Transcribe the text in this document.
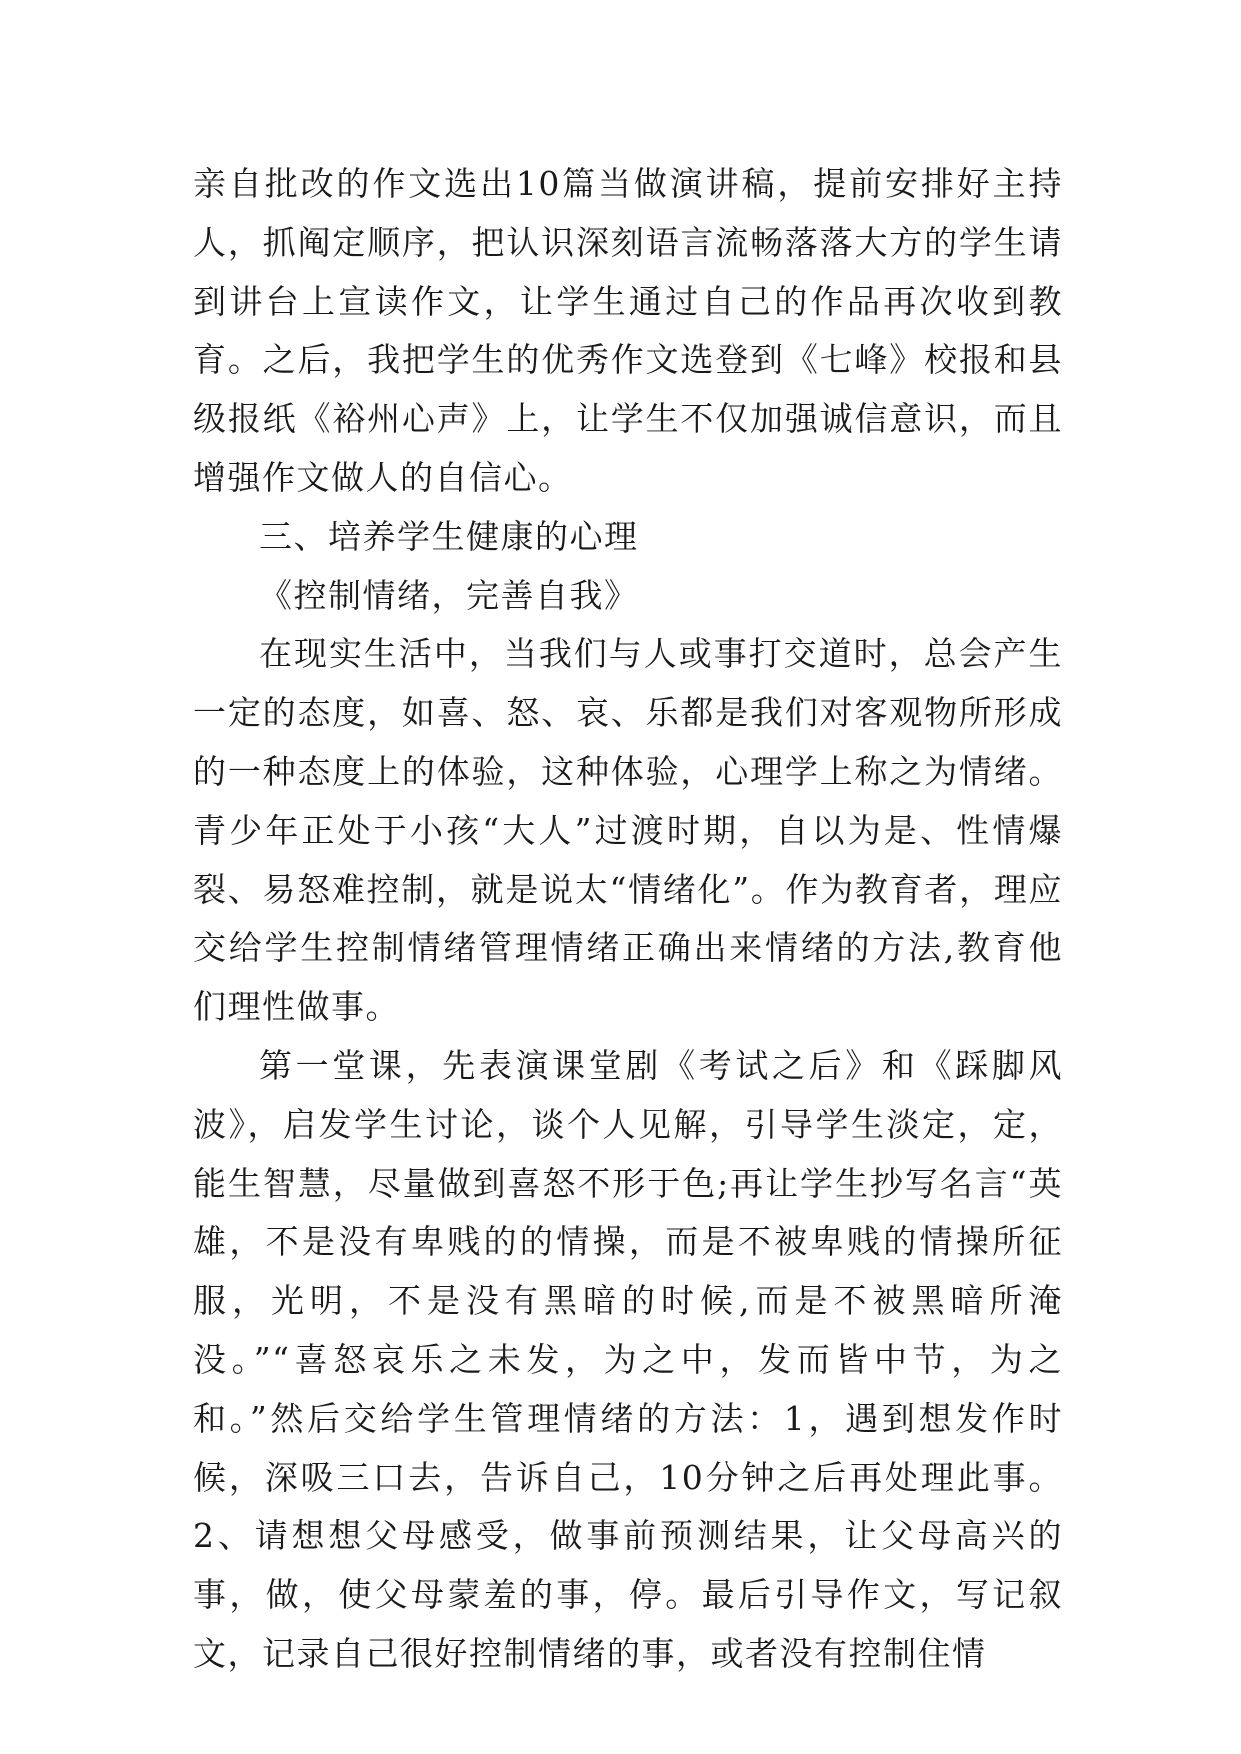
亲自批改的作文选出10篇当做演讲稿，提前安排好主持人，抓阄定顺序，把认识深刻语言流畅落落大方的学生请到讲台上宣读作文，让学生通过自己的作品再次收到教育。之后，我把学生的优秀作文选登到《七峰》校报和县级报纸《裕州心声》上，让学生不仅加强诚信意识，而且增强作文做人的自信心。

三、培养学生健康的心理

《控制情绪，完善自我》

在现实生活中，当我们与人或事打交道时，总会产生一定的态度，如喜、怒、哀、乐都是我们对客观物所形成的一种态度上的体验，这种体验，心理学上称之为情绪。青少年正处于小孩“大人”过渡时期，自以为是、性情爆裂、易怒难控制，就是说太“情绪化”。作为教育者，理应交给学生控制情绪管理情绪正确出来情绪的方法,教育他们理性做事。

第一堂课，先表演课堂剧《考试之后》和《踩脚风波》，启发学生讨论，谈个人见解，引导学生淡定，定，能生智慧，尽量做到喜怒不形于色;再让学生抄写名言“英雄，不是没有卑贱的的情操，而是不被卑贱的情操所征服，光明，不是没有黑暗的时候,而是不被黑暗所淹没。”“喜怒哀乐之未发，为之中，发而皆中节，为之和。”然后交给学生管理情绪的方法：1，遇到想发作时候，深吸三口去，告诉自己，10分钟之后再处理此事。2、请想想父母感受，做事前预测结果，让父母高兴的事，做，使父母蒙羞的事，停。最后引导作文，写记叙文，记录自己很好控制情绪的事，或者没有控制住情
